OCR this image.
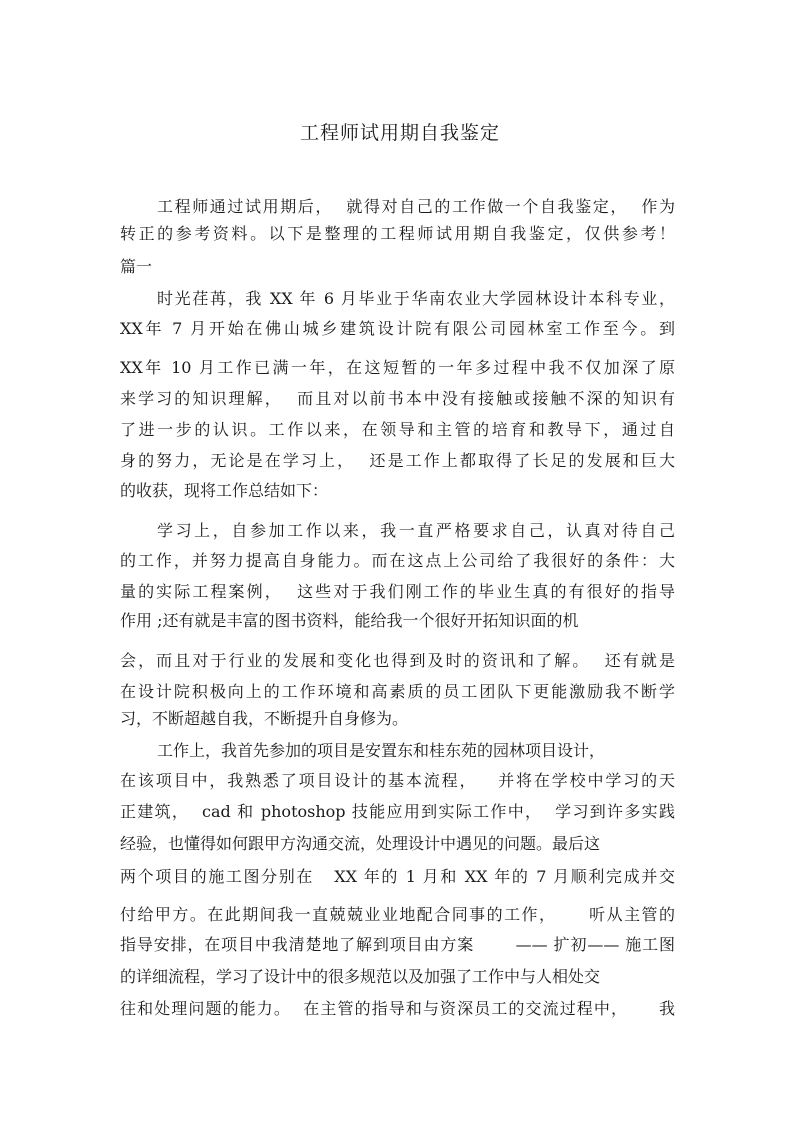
工程师试用期自我鉴定
工程师通过试用期后，  就得对自己的工作做一个自我鉴定，  作为
转正的参考资料。以下是整理的工程师试用期自我鉴定，仅供参考！
篇一
时光荏苒，我 XX 年 6 月毕业于华南农业大学园林设计本科专业，
XX年 7 月开始在佛山城乡建筑设计院有限公司园林室工作至今。到
XX年 10 月工作已满一年，在这短暂的一年多过程中我不仅加深了原
来学习的知识理解，  而且对以前书本中没有接触或接触不深的知识有
了进一步的认识。工作以来，在领导和主管的培育和教导下，通过自
身的努力，无论是在学习上，  还是工作上都取得了长足的发展和巨大
的收获，现将工作总结如下：
学习上，自参加工作以来，我一直严格要求自己，认真对待自己
的工作，并努力提高自身能力。而在这点上公司给了我很好的条件：大
量的实际工程案例，  这些对于我们刚工作的毕业生真的有很好的指导
作用 ;还有就是丰富的图书资料，能给我一个很好开拓知识面的机
会，而且对于行业的发展和变化也得到及时的资讯和了解。  还有就是
在设计院积极向上的工作环境和高素质的员工团队下更能激励我不断学
习，不断超越自我，不断提升自身修为。
工作上，我首先参加的项目是安置东和桂东苑的园林项目设计，
在该项目中，我熟悉了项目设计的基本流程，   并将在学校中学习的天
正建筑，  cad 和 photoshop 技能应用到实际工作中，  学习到许多实践
经验，也懂得如何跟甲方沟通交流，处理设计中遇见的问题。最后这
两个项目的施工图分别在   XX 年的 1 月和 XX 年的 7 月顺利完成并交
付给甲方。在此期间我一直兢兢业业地配合同事的工作，     听从主管的
指导安排，在项目中我清楚地了解到项目由方案       —— 扩初—— 施工图
的详细流程，学习了设计中的很多规范以及加强了工作中与人相处交
往和处理问题的能力。  在主管的指导和与资深员工的交流过程中，     我
